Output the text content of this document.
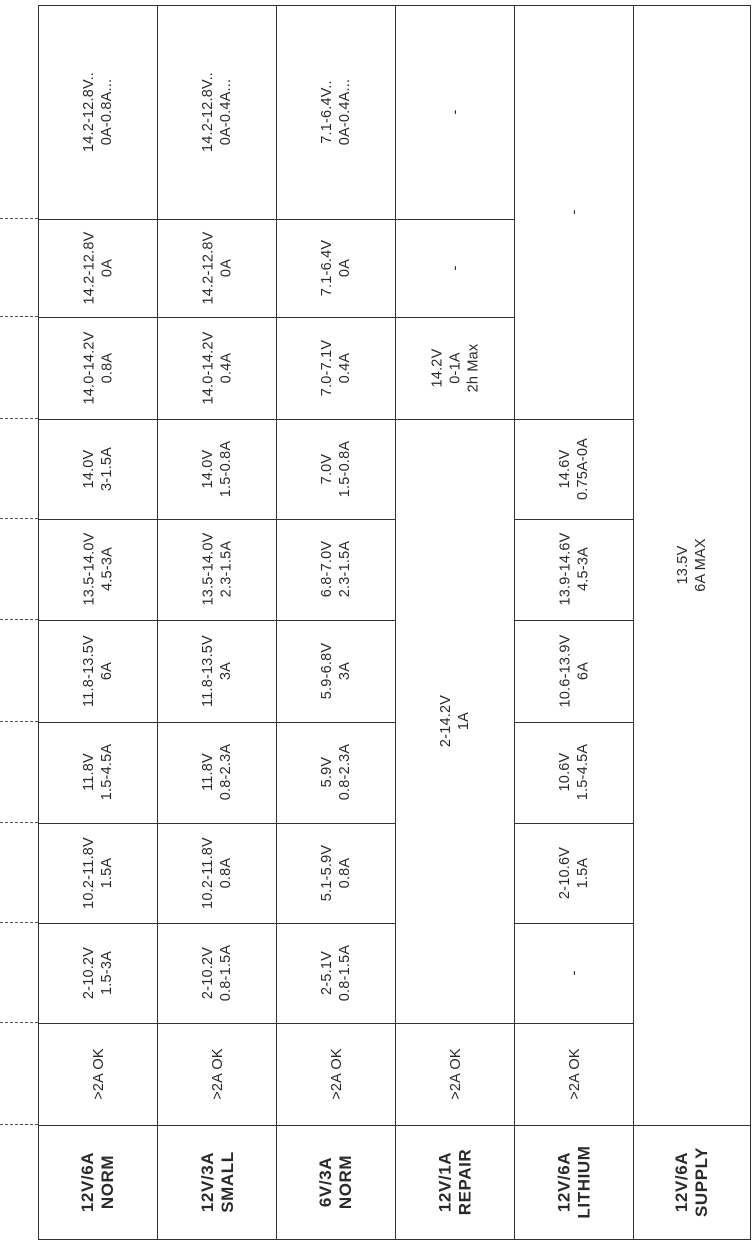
12V/6A NORM
>2A OK
2-10.2V 1.5-3A
10.2-11.8V 1.5A
11.8V 1.5-4.5A
11.8-13.5V 6A
13.5-14.0V 4.5-3A
14.0V 3-1.5A
14.0-14.2V 0.8A
14.2-12.8V 0A
14.2-12.8V.. 0A-0.8A...
12V/3A SMALL
>2A OK
2-10.2V 0.8-1.5A
10.2-11.8V 0.8A
11.8V 0.8-2.3A
11.8-13.5V 3A
13.5-14.0V 2.3-1.5A
14.0V 1.5-0.8A
14.0-14.2V 0.4A
14.2-12.8V 0A
14.2-12.8V.. 0A-0.4A...
6V/3A NORM
>2A OK
2-5.1V 0.8-1.5A
5.1-5.9V 0.8A
5.9V 0.8-2.3A
5.9-6.8V 3A
6.8-7.0V 2.3-1.5A
7.0V 1.5-0.8A
7.0-7.1V 0.4A
7.1-6.4V 0A
7.1-6.4V.. 0A-0.4A...
12V/1A REPAIR
>2A OK
2-14.2V 1A
14.2V 0-1A 2h Max
-
-
12V/6A LITHIUM
>2A OK
-
2-10.6V 1.5A
10.6V 1.5-4.5A
10.6-13.9V 6A
13.9-14.6V 4.5-3A
14.6V 0.75A-0A
-
12V/6A SUPPLY
13.5V 6A MAX
